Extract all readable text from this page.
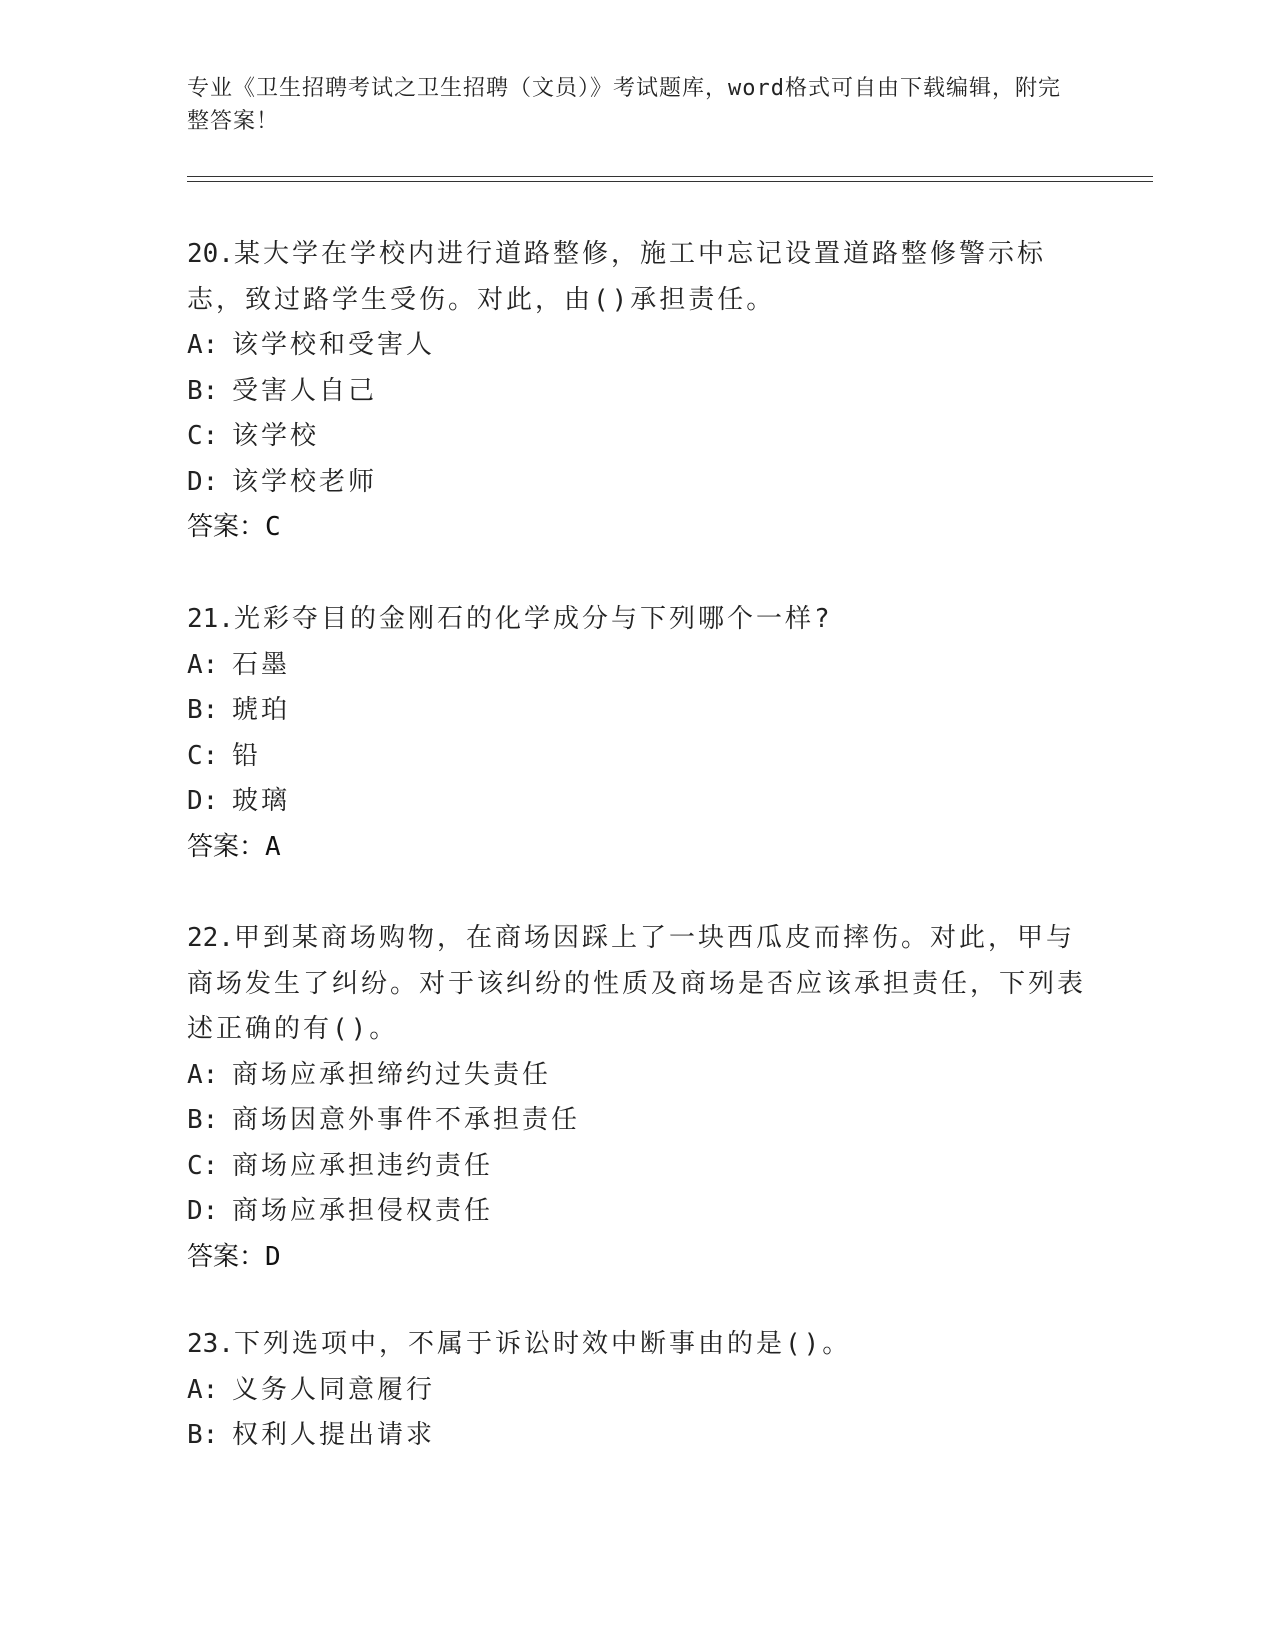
专业《卫生招聘考试之卫生招聘（文员）》考试题库，word格式可自由下载编辑，附完整答案！

20.某大学在学校内进行道路整修，施工中忘记设置道路整修警示标志，致过路学生受伤。对此，由()承担责任。

A: 该学校和受害人

B: 受害人自己

C: 该学校

D: 该学校老师

答案：C

21.光彩夺目的金刚石的化学成分与下列哪个一样?

A: 石墨

B: 琥珀

C: 铅

D: 玻璃

答案：A

22.甲到某商场购物，在商场因踩上了一块西瓜皮而摔伤。对此，甲与商场发生了纠纷。对于该纠纷的性质及商场是否应该承担责任，下列表述正确的有()。

A: 商场应承担缔约过失责任

B: 商场因意外事件不承担责任

C: 商场应承担违约责任

D: 商场应承担侵权责任

答案：D

23.下列选项中，不属于诉讼时效中断事由的是()。

A: 义务人同意履行

B: 权利人提出请求
